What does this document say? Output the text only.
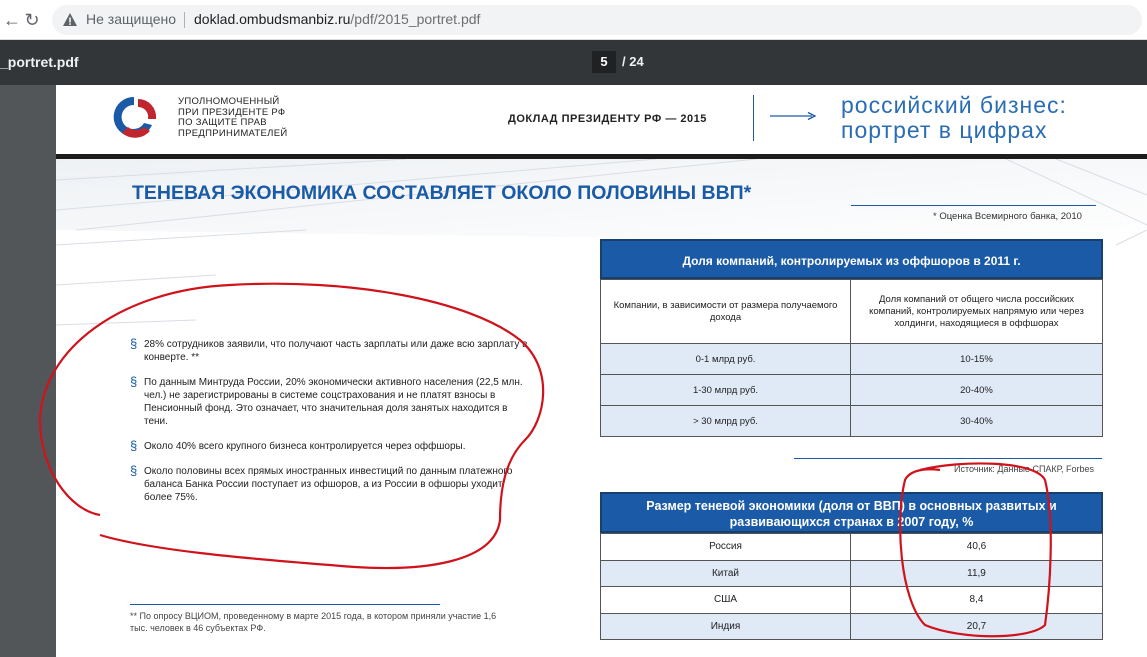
← ↻	Не защищено doklad.ombudsmanbiz.ru/pdf/2015_portret.pdf
_portret.pdf	5	/ 24
УПОЛНОМОЧЕННЫЙ
ПРИ ПРЕЗИДЕНТЕ РФ
ПО ЗАЩИТЕ ПРАВ
ПРЕДПРИНИМАТЕЛЕЙ
ДОКЛАД ПРЕЗИДЕНТУ РФ — 2015
российский бизнес:
портрет в цифрах
ТЕНЕВАЯ ЭКОНОМИКА СОСТАВЛЯЕТ ОКОЛО ПОЛОВИНЫ ВВП*
* Оценка Всемирного банка, 2010
§ 28% сотрудников заявили, что получают часть зарплаты или даже всю зарплату в конверте. **
§ По данным Минтруда России, 20% экономически активного населения (22,5 млн. чел.) не зарегистрированы в системе соцстрахования и не платят взносы в Пенсионный фонд. Это означает, что значительная доля занятых находится в тени.
§ Около 40% всего крупного бизнеса контролируется через оффшоры.
§ Около половины всех прямых иностранных инвестиций по данным платежного баланса Банка России поступает из офшоров, а из России в офшоры уходит более 75%.
** По опросу ВЦИОМ, проведенному в марте 2015 года, в котором приняли участие 1,6 тыс. человек в 46 субъектах РФ.
Доля компаний, контролируемых из оффшоров в 2011 г.
Компании, в зависимости от размера получаемого дохода	Доля компаний от общего числа российских компаний, контролируемых напрямую или через холдинги, находящиеся в оффшорах
0-1 млрд руб.	10-15%
1-30 млрд руб.	20-40%
> 30 млрд руб.	30-40%
Источник: Данные СПАКР, Forbes
Размер теневой экономики (доля от ВВП) в основных развитых и
развивающихся странах в 2007 году, %
Россия	40,6
Китай	11,9
США	8,4
Индия	20,7
